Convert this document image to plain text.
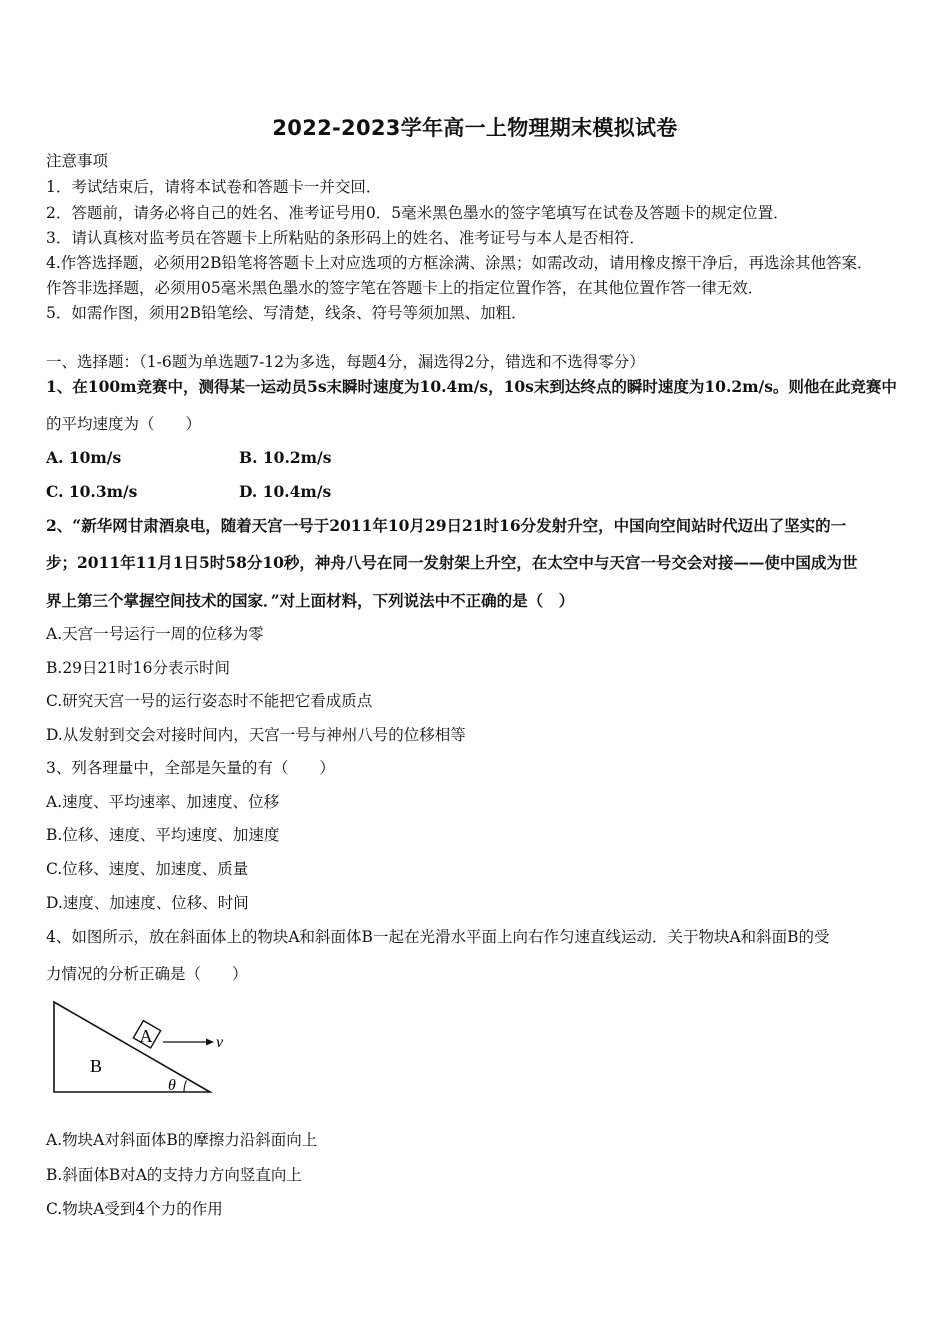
2022-2023学年高一上物理期末模拟试卷
注意事项
1．考试结束后，请将本试卷和答题卡一并交回．
2．答题前，请务必将自己的姓名、准考证号用0．5毫米黑色墨水的签字笔填写在试卷及答题卡的规定位置．
3．请认真核对监考员在答题卡上所粘贴的条形码上的姓名、准考证号与本人是否相符．
4.作答选择题，必须用2B铅笔将答题卡上对应选项的方框涂满、涂黑；如需改动，请用橡皮擦干净后，再选涂其他答案．
作答非选择题，必须用05毫米黑色墨水的签字笔在答题卡上的指定位置作答，在其他位置作答一律无效．
5．如需作图，须用2B铅笔绘、写清楚，线条、符号等须加黑、加粗．
一、选择题：（1-6题为单选题7-12为多选，每题4分，漏选得2分，错选和不选得零分）
1、在100m竞赛中，测得某一运动员5s末瞬时速度为10.4m/s，10s末到达终点的瞬时速度为10.2m/s。则他在此竞赛中
的平均速度为（　　）
A. 10m/s	B. 10.2m/s
C. 10.3m/s	D. 10.4m/s
2、“新华网甘肃酒泉电，随着天宫一号于2011年10月29日21时16分发射升空，中国向空间站时代迈出了坚实的一
步；2011年11月1日5时58分10秒，神舟八号在同一发射架上升空，在太空中与天宫一号交会对接——使中国成为世
界上第三个掌握空间技术的国家．”对上面材料，下列说法中不正确的是（　）
A.天宫一号运行一周的位移为零
B.29日21时16分表示时间
C.研究天宫一号的运行姿态时不能把它看成质点
D.从发射到交会对接时间内，天宫一号与神州八号的位移相等
3、列各理量中，全部是矢量的有（　　）
A.速度、平均速率、加速度、位移
B.位移、速度、平均速度、加速度
C.位移、速度、加速度、质量
D.速度、加速度、位移、时间
4、如图所示，放在斜面体上的物块A和斜面体B一起在光滑水平面上向右作匀速直线运动．关于物块A和斜面B的受
力情况的分析正确是（　　）
A	v
B
θ
A.物块A对斜面体B的摩擦力沿斜面向上
B.斜面体B对A的支持力方向竖直向上
C.物块A受到4个力的作用
